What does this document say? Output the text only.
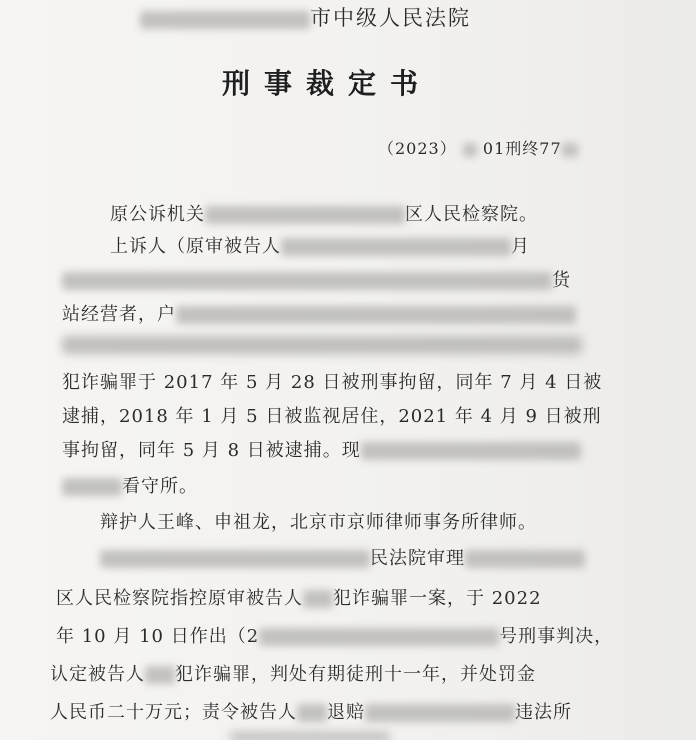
市中级人民法院
刑事裁定书
（2023） 01刑终77
原公诉机关	区人民检察院。
上诉人（原审被告人	月
货
站经营者，户
犯诈骗罪于 2017 年 5 月 28 日被刑事拘留，同年 7 月 4 日被
逮捕，2018 年 1 月 5 日被监视居住，2021 年 4 月 9 日被刑
事拘留，同年 5 月 8 日被逮捕。现
看守所。
辩护人王峰、申祖龙，北京市京师律师事务所律师。
民法院审理
区人民检察院指控原审被告人 犯诈骗罪一案，于 2022
年 10 月 10 日作出（2	号刑事判决，
认定被告人 犯诈骗罪，判处有期徒刑十一年，并处罚金
人民币二十万元；责令被告人 退赔	违法所
